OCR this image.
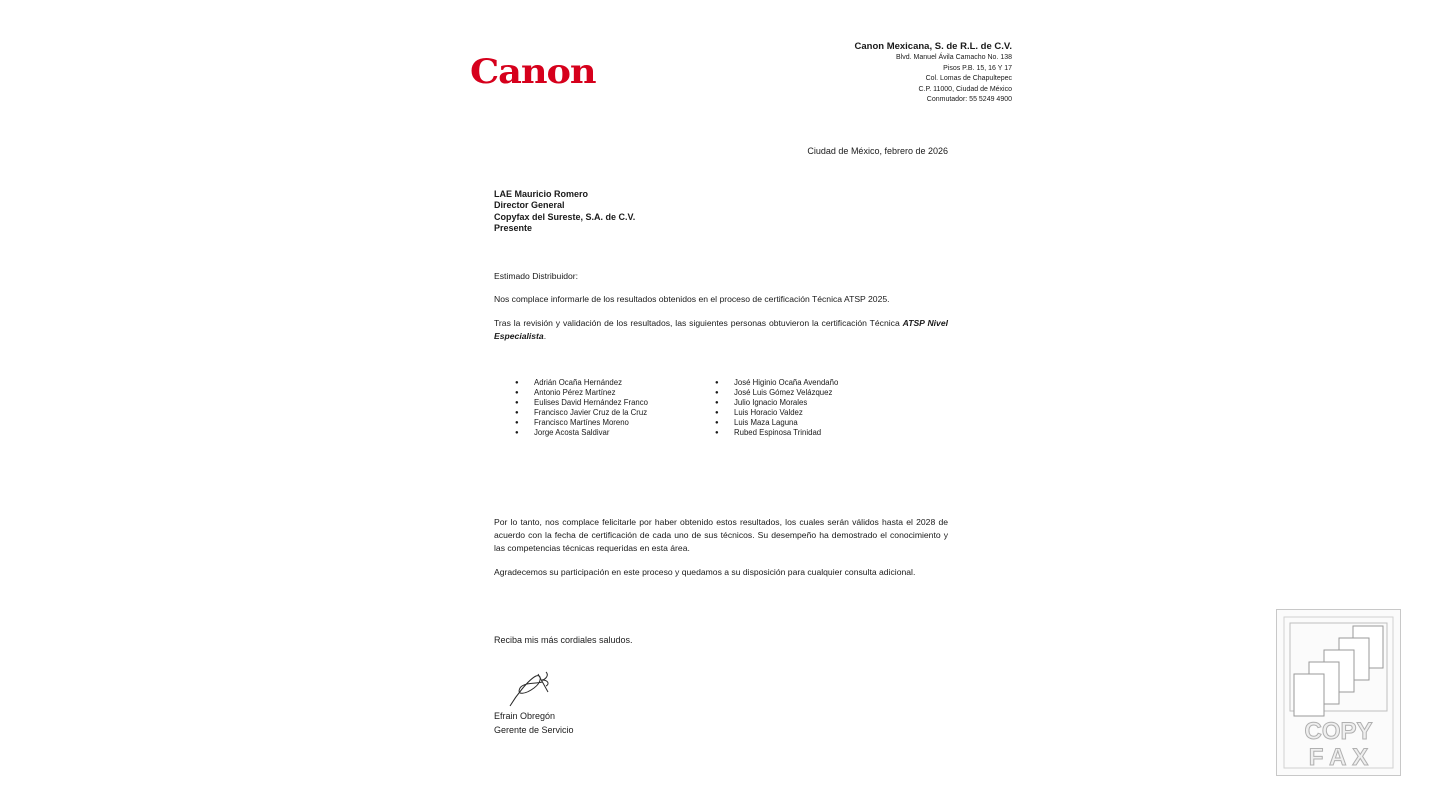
Canon
Canon Mexicana, S. de R.L. de C.V.
Blvd. Manuel Ávila Camacho No. 138
Pisos P.B. 15, 16 Y 17
Col. Lomas de Chapultepec
C.P. 11000, Ciudad de México
Conmutador: 55 5249 4900
Ciudad de México, febrero de 2026
LAE Mauricio Romero
Director General
Copyfax del Sureste, S.A. de C.V.
Presente
Estimado Distribuidor:
Nos complace informarle de los resultados obtenidos en el proceso de certificación Técnica ATSP 2025.
Tras la revisión y validación de los resultados, las siguientes personas obtuvieron la certificación Técnica ATSP Nivel Especialista.
●	Adrián Ocaña Hernández
●	Antonio Pérez Martínez
●	Eulises David Hernández Franco
●	Francisco Javier Cruz de la Cruz
●	Francisco Martínes Moreno
●	Jorge Acosta Saldivar
●	José Higinio Ocaña Avendaño
●	José Luis Gómez Velázquez
●	Julio Ignacio Morales
●	Luis Horacio Valdez
●	Luis Maza Laguna
●	Rubed Espinosa Trinidad
Por lo tanto, nos complace felicitarle por haber obtenido estos resultados, los cuales serán válidos hasta el 2028 de acuerdo con la fecha de certificación de cada uno de sus técnicos. Su desempeño ha demostrado el conocimiento y las competencias técnicas requeridas en esta área.
Agradecemos su participación en este proceso y quedamos a su disposición para cualquier consulta adicional.
Reciba mis más cordiales saludos.
Efrain Obregón
Gerente de Servicio	COPY
F A X
